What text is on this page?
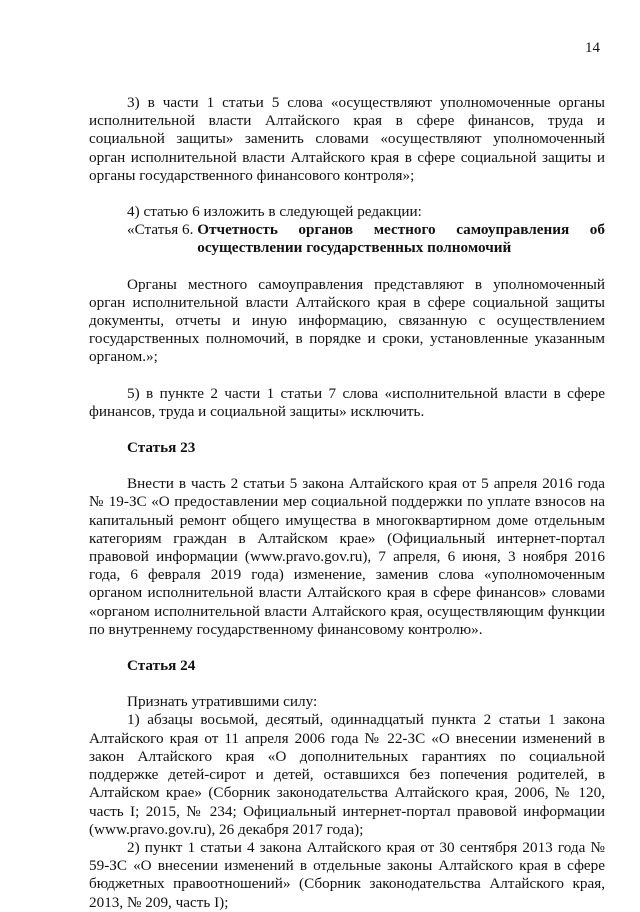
14

3) в части 1 статьи 5 слова «осуществляют уполномоченные органы исполнительной власти Алтайского края в сфере финансов, труда и социальной защиты» заменить словами «осуществляют уполномоченный орган исполнительной власти Алтайского края в сфере социальной защиты и органы государственного финансового контроля»;

4) статью 6 изложить в следующей редакции:

«Статья 6. Отчетность органов местного самоуправления об осуществлении государственных полномочий

Органы местного самоуправления представляют в уполномоченный орган исполнительной власти Алтайского края в сфере социальной защиты документы, отчеты и иную информацию, связанную с осуществлением государственных полномочий, в порядке и сроки, установленные указанным органом.»;

5) в пункте 2 части 1 статьи 7 слова «исполнительной власти в сфере финансов, труда и социальной защиты» исключить.

Статья 23

Внести в часть 2 статьи 5 закона Алтайского края от 5 апреля 2016 года № 19-ЗС «О предоставлении мер социальной поддержки по уплате взносов на капитальный ремонт общего имущества в многоквартирном доме отдельным категориям граждан в Алтайском крае» (Официальный интернет-портал правовой информации (www.pravo.gov.ru), 7 апреля, 6 июня, 3 ноября 2016 года, 6 февраля 2019 года) изменение, заменив слова «уполномоченным органом исполнительной власти Алтайского края в сфере финансов» словами «органом исполнительной власти Алтайского края, осуществляющим функции по внутреннему государственному финансовому контролю».

Статья 24

Признать утратившими силу:

1) абзацы восьмой, десятый, одиннадцатый пункта 2 статьи 1 закона Алтайского края от 11 апреля 2006 года № 22-ЗС «О внесении изменений в закон Алтайского края «О дополнительных гарантиях по социальной поддержке детей-сирот и детей, оставшихся без попечения родителей, в Алтайском крае» (Сборник законодательства Алтайского края, 2006, № 120, часть I; 2015, № 234; Официальный интернет-портал правовой информации (www.pravo.gov.ru), 26 декабря 2017 года);

2) пункт 1 статьи 4 закона Алтайского края от 30 сентября 2013 года № 59-ЗС «О внесении изменений в отдельные законы Алтайского края в сфере бюджетных правоотношений» (Сборник законодательства Алтайского края, 2013, № 209, часть I);
